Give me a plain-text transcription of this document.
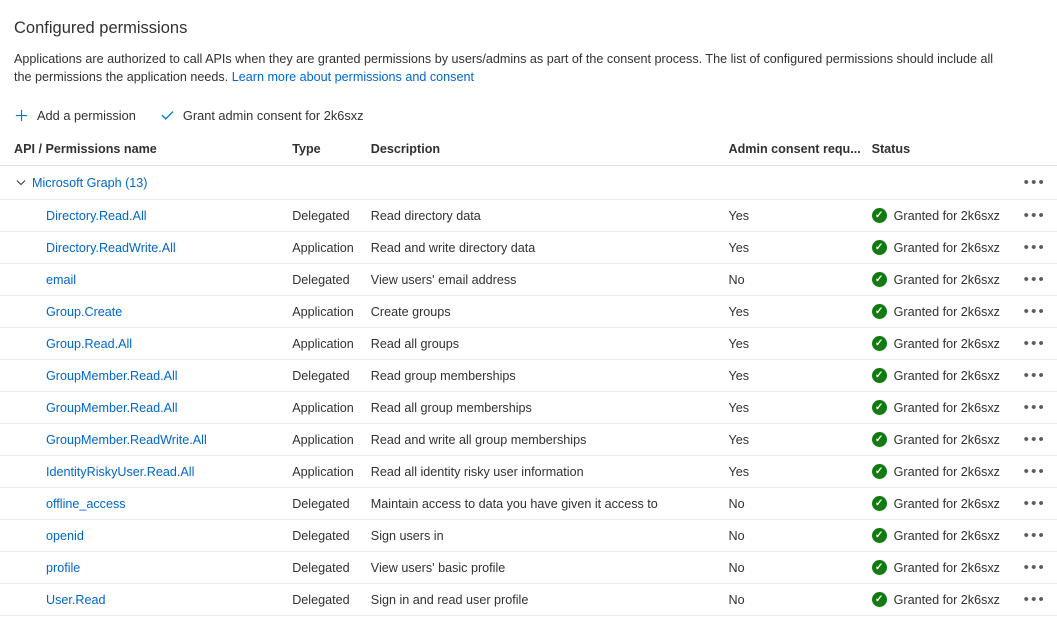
Configured permissions
Applications are authorized to call APIs when they are granted permissions by users/admins as part of the consent process. The list of configured permissions should include all the permissions the application needs. Learn more about permissions and consent
Add a permission	Grant admin consent for 2k6sxz
API / Permissions name	Type	Description	Admin consent requ...	Status	

Microsoft Graph (13)					•••

Directory.Read.All	Delegated	Read directory data	Yes	✓ Granted for 2k6sxz	•••

Directory.ReadWrite.All	Application	Read and write directory data	Yes	✓ Granted for 2k6sxz	•••

email	Delegated	View users' email address	No	✓ Granted for 2k6sxz	•••

Group.Create	Application	Create groups	Yes	✓ Granted for 2k6sxz	•••

Group.Read.All	Application	Read all groups	Yes	✓ Granted for 2k6sxz	•••

GroupMember.Read.All	Delegated	Read group memberships	Yes	✓ Granted for 2k6sxz	•••

GroupMember.Read.All	Application	Read all group memberships	Yes	✓ Granted for 2k6sxz	•••

GroupMember.ReadWrite.All	Application	Read and write all group memberships	Yes	✓ Granted for 2k6sxz	•••

IdentityRiskyUser.Read.All	Application	Read all identity risky user information	Yes	✓ Granted for 2k6sxz	•••

offline_access	Delegated	Maintain access to data you have given it access to	No	✓ Granted for 2k6sxz	•••

openid	Delegated	Sign users in	No	✓ Granted for 2k6sxz	•••

profile	Delegated	View users' basic profile	No	✓ Granted for 2k6sxz	•••

User.Read	Delegated	Sign in and read user profile	No	✓ Granted for 2k6sxz	•••
